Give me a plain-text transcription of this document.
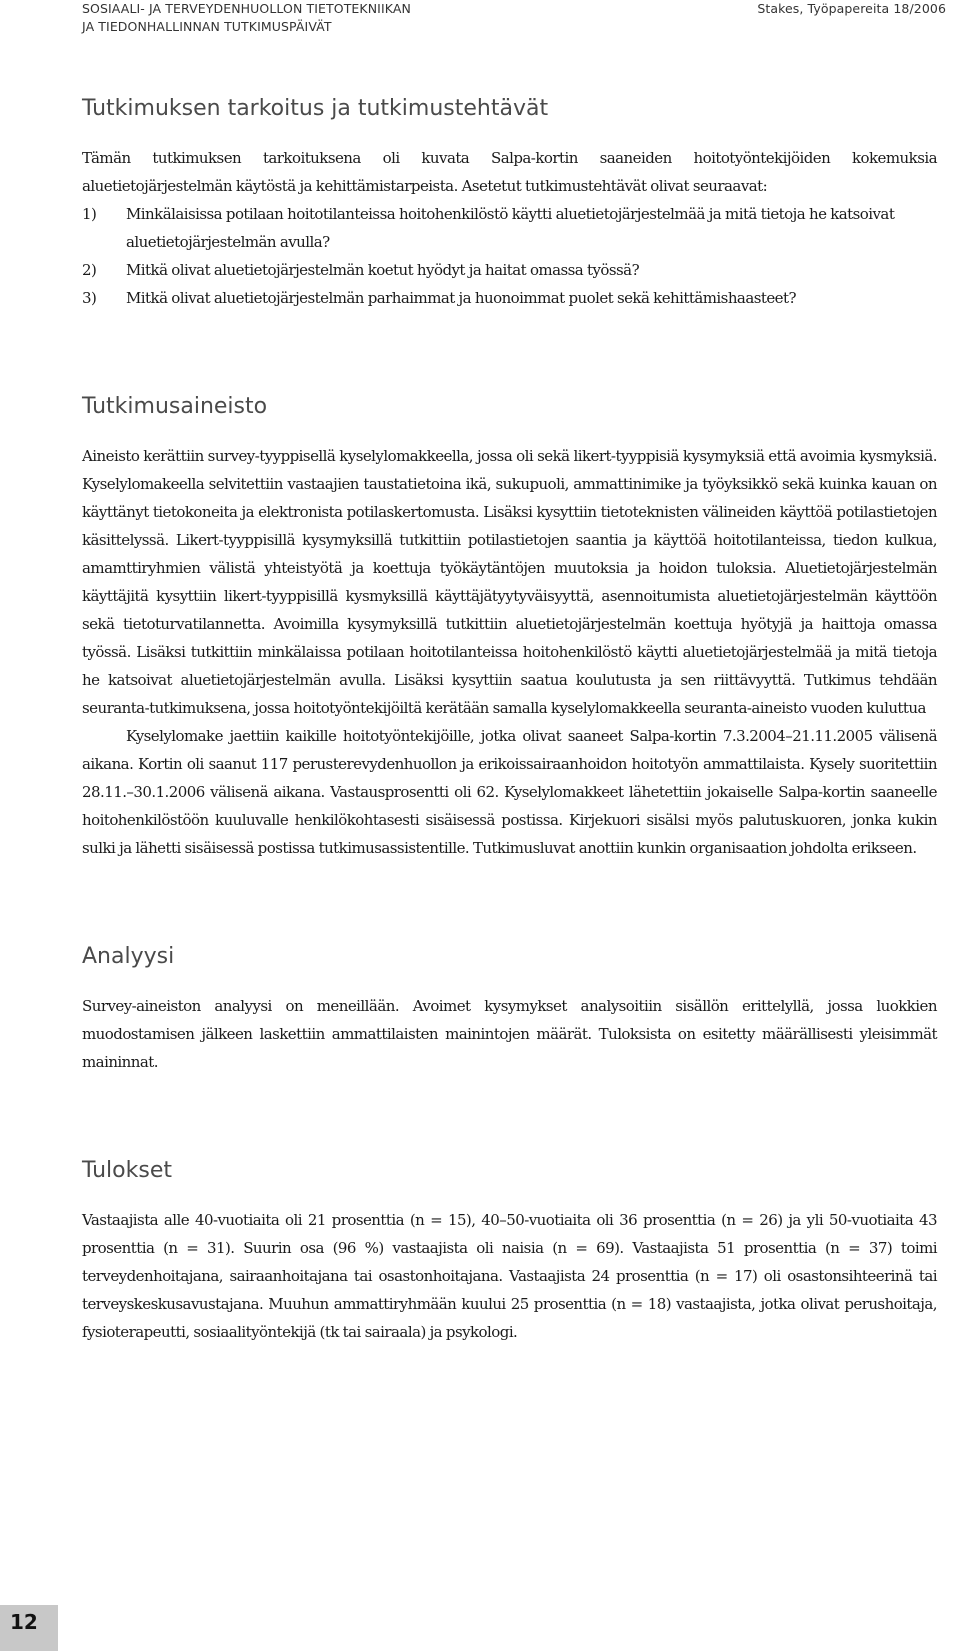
SOSIAALI- JA TERVEYDENHUOLLON TIETOTEKNIIKAN
JA TIEDONHALLINNAN TUTKIMUSPÄIVÄT
Stakes, Työpapereita 18/2006
Tutkimuksen tarkoitus ja tutkimustehtävät

Tämän tutkimuksen tarkoituksena oli kuvata Salpa-kortin saaneiden hoitotyöntekijöiden kokemuksia aluetietojärjestelmän käytöstä ja kehittämistarpeista. Asetetut tutkimustehtävät olivat seuraavat:

1) Minkälaisissa potilaan hoitotilanteissa hoitohenkilöstö käytti aluetietojärjestelmää ja mitä tietoja he katsoivat aluetietojärjestelmän avulla?
2) Mitkä olivat aluetietojärjestelmän koetut hyödyt ja haitat omassa työssä?
3) Mitkä olivat aluetietojärjestelmän parhaimmat ja huonoimmat puolet sekä kehittämishaasteet?
Tutkimusaineisto

Aineisto kerättiin survey-tyyppisellä kyselylomakkeella, jossa oli sekä likert-tyyppisiä kysymyksiä että avoimia kysmyksiä. Kyselylomakeella selvitettiin vastaajien taustatietoina ikä, sukupuoli, ammattinimike ja työyksikkö sekä kuinka kauan on käyttänyt tietokoneita ja elektronista potilaskertomusta. Lisäksi kysyttiin tietoteknisten välineiden käyttöä potilastietojen käsittelyssä. Likert-tyyppisillä kysymyksillä tutkittiin potilastietojen saantia ja käyttöä hoitotilanteissa, tiedon kulkua, amamttiryhmien välistä yhteistyötä ja koettuja työkäytäntöjen muutoksia ja hoidon tuloksia. Aluetietojärjestelmän käyttäjitä kysyttiin likert-tyyppisillä kysmyksillä käyttäjätyytyväisyyttä, asennoitumista aluetietojärjestelmän käyttöön sekä tietoturvatilannetta. Avoimilla kysymyksillä tutkittiin aluetietojärjestelmän koettuja hyötyjä ja haittoja omassa työssä. Lisäksi tutkittiin minkälaissa potilaan hoitotilanteissa hoitohenkilöstö käytti aluetietojärjestelmää ja mitä tietoja he katsoivat aluetietojärjestelmän avulla. Lisäksi kysyttiin saatua koulutusta ja sen riittävyyttä. Tutkimus tehdään seuranta-tutkimuksena, jossa hoitotyöntekijöiltä kerätään samalla kyselylomakkeella seuranta-aineisto vuoden kuluttua

Kyselylomake jaettiin kaikille hoitotyöntekijöille, jotka olivat saaneet Salpa-kortin 7.3.2004–21.11.2005 välisenä aikana. Kortin oli saanut 117 perusterevydenhuollon ja erikoissairaanhoidon hoitotyön ammattilaista. Kysely suoritettiin 28.11.–30.1.2006 välisenä aikana. Vastausprosentti oli 62. Kyselylomakkeet lähetettiin jokaiselle Salpa-kortin saaneelle hoitohenkilöstöön kuuluvalle henkilökohtasesti sisäisessä postissa. Kirjekuori sisälsi myös palutuskuoren, jonka kukin sulki ja lähetti sisäisessä postissa tutkimusassistentille. Tutkimusluvat anottiin kunkin organisaation johdolta erikseen.

Analyysi

Survey-aineiston analyysi on meneillään. Avoimet kysymykset analysoitiin sisällön erittelyllä, jossa luokkien muodostamisen jälkeen laskettiin ammattilaisten mainintojen määrät. Tuloksista on esitetty määrällisesti yleisimmät maininnat.

Tulokset

Vastaajista alle 40-vuotiaita oli 21 prosenttia (n = 15), 40–50-vuotiaita oli 36 prosenttia (n = 26) ja yli 50-vuotiaita 43 prosenttia (n = 31). Suurin osa (96 %) vastaajista oli naisia (n = 69). Vastaajista 51 prosenttia (n = 37) toimi terveydenhoitajana, sairaanhoitajana tai osastonhoitajana. Vastaajista 24 prosenttia (n = 17) oli osastonsihteerinä tai terveyskeskusavustajana. Muuhun ammattiryhmään kuului 25 prosenttia (n = 18) vastaajista, jotka olivat perushoitaja, fysioterapeutti, sosiaalityöntekijä (tk tai sairaala) ja psykologi.

12
